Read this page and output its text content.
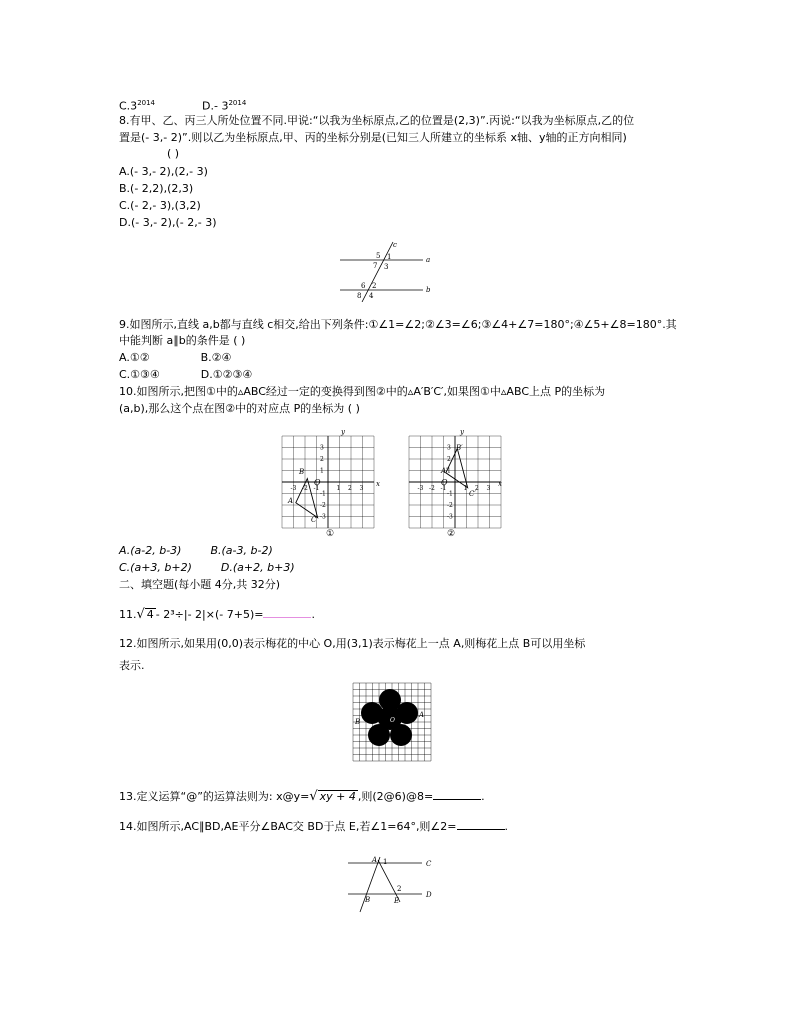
$C.3^{2014}$	D.- $3^{2014}$
8.有甲、乙、丙三人所处位置不同.甲说:“以我为坐标原点,乙的位置是(2,3)”.丙说:“以我为坐标原点,乙的位
置是(- 3,- 2)”.则以乙为坐标原点,甲、丙的坐标分别是(已知三人所建立的坐标系 x轴、y轴的正方向相同)
( )
A.(- 3,- 2),(2,- 3)
B.(- 2,2),(2,3)
C.(- 2,- 3),(3,2)
D.(- 3,- 2),(- 2,- 3)
c
a
b
5 1
7 3
6 2
8 4
9.如图所示,直线 a,b都与直线 c相交,给出下列条件:①∠1=∠2;②∠3=∠6;③∠4+∠7=180°;④∠5+∠8=180°.其
中能判断 a∥b的条件是 ( )
A.①②	B.②④
C.①③④	D.①②③④
10.如图所示,把图①中的▵ABC经过一定的变换得到图②中的▵A′B′C′,如果图①中▵ABC上点 P的坐标为
(a,b),那么这个点在图②中的对应点 P的坐标为 ( )
-3 -2 -1	1 2 3
3
2
1
-1
-2
-3
y
x
O
B
A
C
①
-3 -2 -1	1 2 3
3
2
1
-1
-2
-3
y
x
O
B′
A′
C′
②
A.(a-2, b-3)	B.(a-3, b-2)
C.(a+3, b+2)	D.(a+2, b+3)
二、填空题(每小题 4分,共 32分)
11.√ 4 - 2³÷|- 2|×(- 7+5)=	.
12.如图所示,如果用(0,0)表示梅花的中心 O,用(3,1)表示梅花上一点 A,则梅花上点 B可以用坐标
表示.
B
A
O
13.定义运算“@”的运算法则为: x@y=√ xy + 4 ,则(2@6)@8=	.
14.如图所示,AC∥BD,AE平分∠BAC交 BD于点 E,若∠1=64°,则∠2=	.
A 1	C
D
2
B	E
